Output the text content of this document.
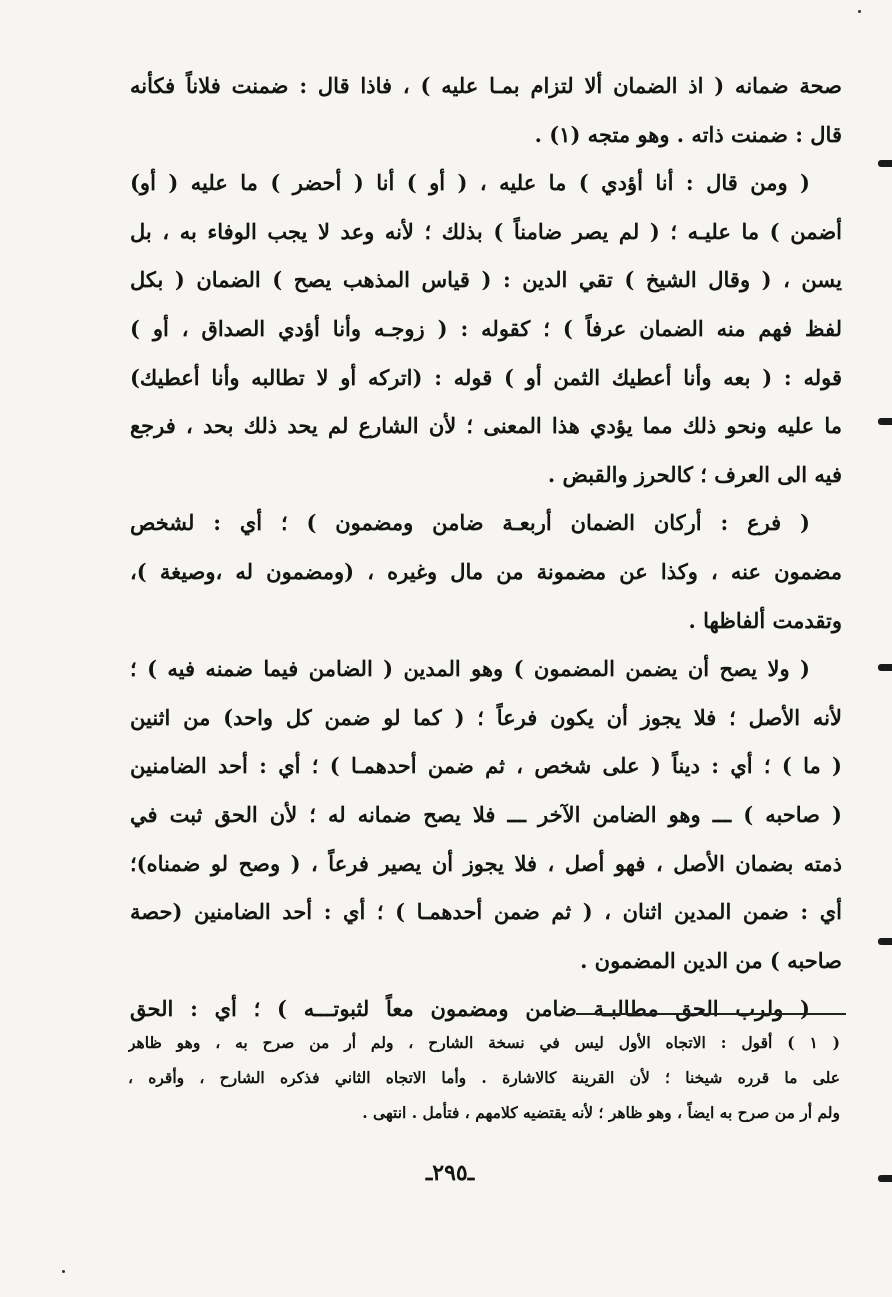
صحة ضمانه ( اذ الضمان ألا لتزام بمـا عليه ) ، فاذا قال : ضمنت فلاناً فكأنه
قال : ضمنت ذاته . وهو متجه (١) .
( ومن قال : أنا أؤدي ) ما عليه ، ( أو ) أنا ( أحضر ) ما عليه ( أو)
أضمن ) ما عليـه ؛ ( لم يصر ضامناً ) بذلك ؛ لأنه وعد لا يجب الوفاء به ، بل
يسن ، ( وقال الشيخ ) تقي الدين : ( قياس المذهب يصح ) الضمان ( بكل
لفظ فهم منه الضمان عرفاً ) ؛ كقوله : ( زوجـه وأنا أؤدي الصداق ، أو )
قوله : ( بعه وأنا أعطيك الثمن أو ) قوله : (اتركه أو لا تطالبه وأنا أعطيك)
ما عليه ونحو ذلك مما يؤدي هذا المعنى ؛ لأن الشارع لم يحد ذلك بحد ، فرجع
فيه الى العرف ؛ كالحرز والقبض .
( فرع : أركان الضمان أربعـة ضامن ومضمون ) ؛ أي : لشخص
مضمون عنه ، وكذا عن مضمونة من مال وغيره ، (ومضمون له ،وصيغة )،
وتقدمت ألفاظها .
( ولا يصح أن يضمن المضمون ) وهو المدين ( الضامن فيما ضمنه فيه ) ؛
لأنه الأصل ؛ فلا يجوز أن يكون فرعاً ؛ ( كما لو ضمن كل واحد) من اثنين
( ما ) ؛ أي : ديناً ( على شخص ، ثم ضمن أحدهمـا ) ؛ أي : أحد الضامنين
( صاحبه ) ـــ وهو الضامن الآخر ـــ فلا يصح ضمانه له ؛ لأن الحق ثبت في
ذمته بضمان الأصل ، فهو أصل ، فلا يجوز أن يصير فرعاً ، ( وصح لو ضمناه)؛
أي : ضمن المدين اثنان ، ( ثم ضمن أحدهمـا ) ؛ أي : أحد الضامنين (حصة
صاحبه ) من الدين المضمون .
( ولرب الحق مطالبـة ضامن ومضمون معاً لثبوتـــه ) ؛ أي : الحق
( ١ ) أقول : الاتجاه الأول ليس في نسخة الشارح ، ولم أر من صرح به ، وهو ظاهر
على ما قرره شيخنا ؛ لأن القرينة كالاشارة . وأما الاتجاه الثاني فذكره الشارح ، وأقره ،
ولم أر من صرح به ايضاً ، وهو ظاهر ؛ لأنه يقتضيه كلامهم ، فتأمل . انتهى .
ـ٢٩٥ـ
